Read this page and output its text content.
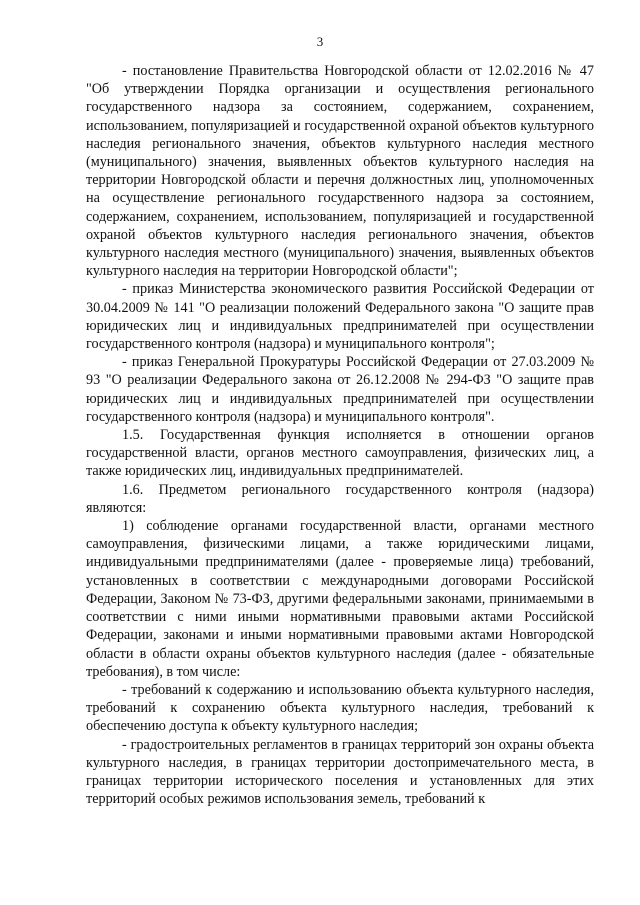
3

- постановление Правительства Новгородской области от 12.02.2016 № 47 "Об утверждении Порядка организации и осуществления регионального государственного надзора за состоянием, содержанием, сохранением, использованием, популяризацией и государственной охраной объектов культурного наследия регионального значения, объектов культурного наследия местного (муниципального) значения, выявленных объектов культурного наследия на территории Новгородской области и перечня должностных лиц, уполномоченных на осуществление регионального государственного надзора за состоянием, содержанием, сохранением, использованием, популяризацией и государственной охраной объектов культурного наследия регионального значения, объектов культурного наследия местного (муниципального) значения, выявленных объектов культурного наследия на территории Новгородской области";

- приказ Министерства экономического развития Российской Федерации от 30.04.2009 № 141 "О реализации положений Федерального закона "О защите прав юридических лиц и индивидуальных предпринимателей при осуществлении государственного контроля (надзора) и муниципального контроля";

- приказ Генеральной Прокуратуры Российской Федерации от 27.03.2009 № 93 "О реализации Федерального закона от 26.12.2008 № 294-ФЗ "О защите прав юридических лиц и индивидуальных предпринимателей при осуществлении государственного контроля (надзора) и муниципального контроля".

1.5. Государственная функция исполняется в отношении органов государственной власти, органов местного самоуправления, физических лиц, а также юридических лиц, индивидуальных предпринимателей.

1.6. Предметом регионального государственного контроля (надзора) являются:

1) соблюдение органами государственной власти, органами местного самоуправления, физическими лицами, а также юридическими лицами, индивидуальными предпринимателями (далее - проверяемые лица) требований, установленных в соответствии с международными договорами Российской Федерации, Законом № 73-ФЗ, другими федеральными законами, принимаемыми в соответствии с ними иными нормативными правовыми актами Российской Федерации, законами и иными нормативными правовыми актами Новгородской области в области охраны объектов культурного наследия (далее - обязательные требования), в том числе:

- требований к содержанию и использованию объекта культурного наследия, требований к сохранению объекта культурного наследия, требований к обеспечению доступа к объекту культурного наследия;

- градостроительных регламентов в границах территорий зон охраны объекта культурного наследия, в границах территории достопримечательного места, в границах территории исторического поселения и установленных для этих территорий особых режимов использования земель, требований к
